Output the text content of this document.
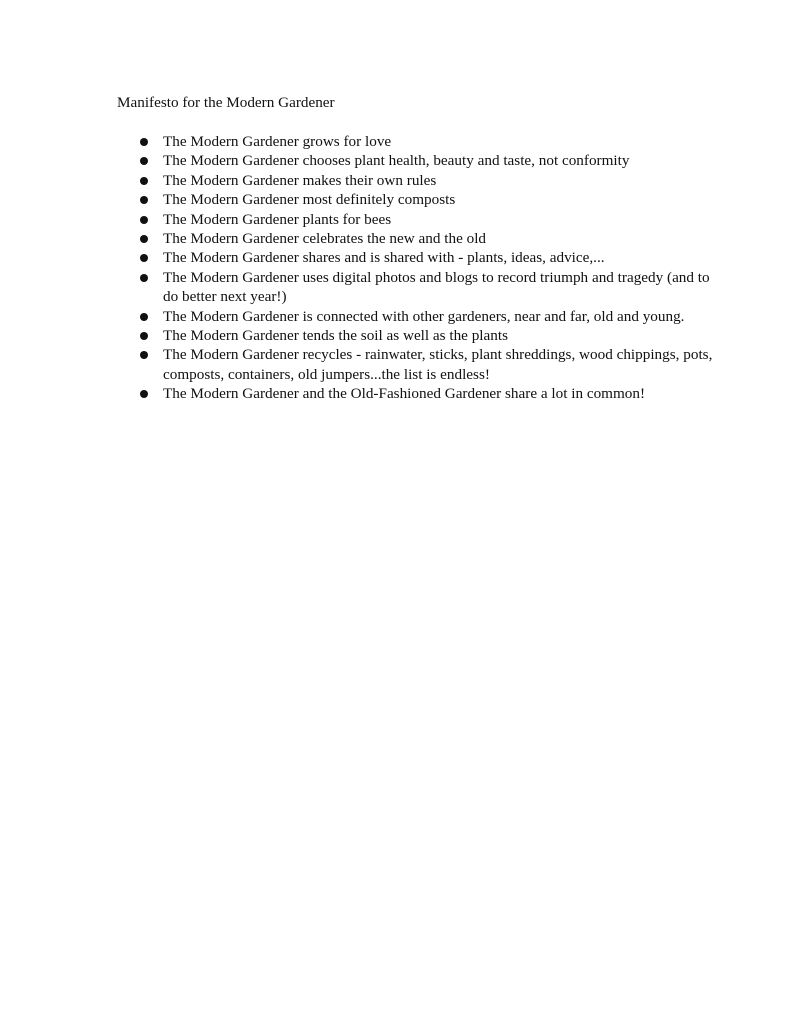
Manifesto for the Modern Gardener
The Modern Gardener grows for love
The Modern Gardener chooses plant health, beauty and taste, not conformity
The Modern Gardener makes their own rules
The Modern Gardener most definitely composts
The Modern Gardener plants for bees
The Modern Gardener celebrates the new and the old
The Modern Gardener shares and is shared with - plants, ideas, advice,...
The Modern Gardener uses digital photos and blogs to record triumph and tragedy (and to do better next year!)
The Modern Gardener is connected with other gardeners, near and far, old and young.
The Modern Gardener tends the soil as well as the plants
The Modern Gardener recycles - rainwater, sticks, plant shreddings, wood chippings, pots, composts, containers, old jumpers...the list is endless!
The Modern Gardener and the Old-Fashioned Gardener share a lot in common!
